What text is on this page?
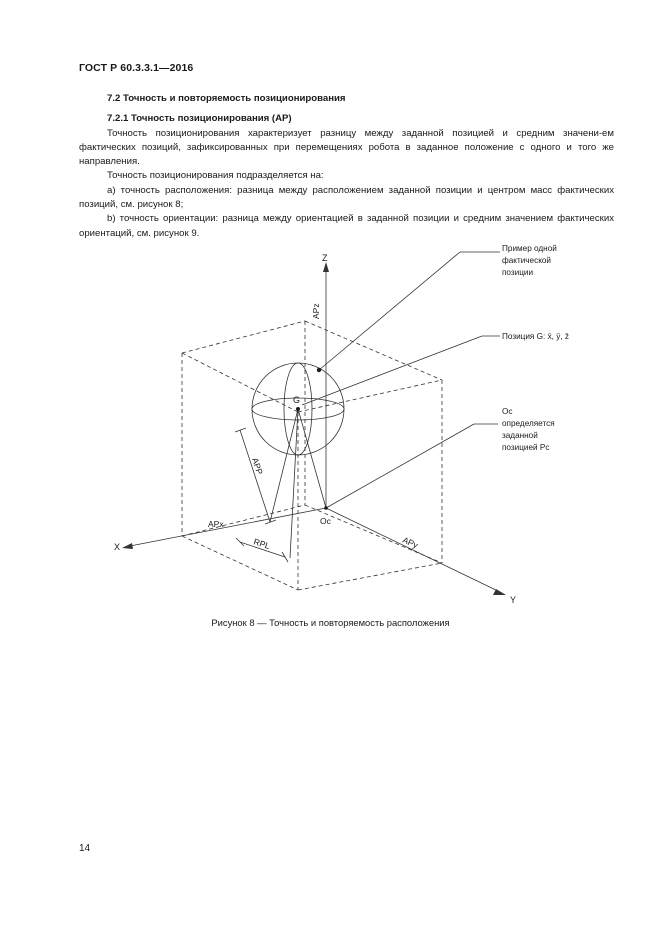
ГОСТ Р 60.3.3.1—2016

7.2 Точность и повторяемость позиционирования

7.2.1 Точность позиционирования (AP)

Точность позиционирования характеризует разницу между заданной позицией и средним значени-ем фактических позиций, зафиксированных при перемещениях робота в заданное положение с одного и того же направления.

Точность позиционирования подразделяется на:

а) точность расположения: разница между расположением заданной позиции и центром масс фактических позиций, см. рисунок 8;

b) точность ориентации: разница между ориентацией в заданной позиции и средним значением фактических ориентаций, см. рисунок 9.

Z
X
Y
APz
APx
APy
APP
RPL
G
Oc
Пример одной
фактической
позиции
Позиция G: x̄, ȳ, z̄
Oc
определяется
заданной
позицией Pc
Рисунок 8 — Точность и повторяемость расположения
14
